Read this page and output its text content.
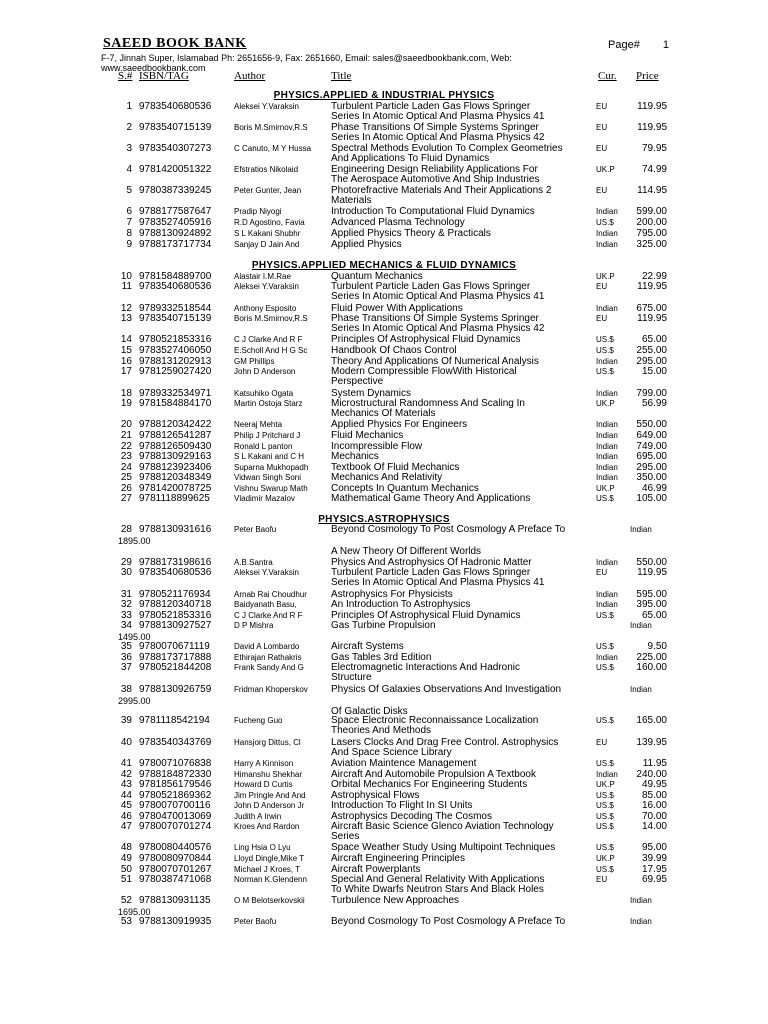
SAEED BOOK BANK	Page# 1
F-7, Jinnah Super, Islamabad Ph: 2651656-9, Fax: 2651660, Email: sales@saeedbookbank.com, Web:
www.saeedbookbank.com
S.# ISBN/TAG	Author	Title	Cur. Price
PHYSICS.APPLIED & INDUSTRIAL PHYSICS
PHYSICS.APPLIED MECHANICS & FLUID DYNAMICS
PHYSICS.ASTROPHYSICS
1 9783540680536	Aleksei Y.Varaksin	Turbulent Particle Laden Gas Flows Springer	EU	119.95
Series In Atomic Optical And Plasma Physics 41
2 9783540715139	Boris M.Smirnov,R.S	Phase Transitions Of Simple Systems Springer	EU	119.95
Series In Atomic Optical And Plasma Physics 42
3 9783540307273	C Canuto, M Y Hussa	Spectral Methods Evolution To Complex Geometries	EU	79.95
And Applications To Fluid Dynamics
4 9781420051322	Efstratios Nikolaid	Engineering Design Reliability Applications For	UK.P	74.99
The Aerospace Automotive And Ship Industries
5 9780387339245	Peter Gunter, Jean	Photorefractive Materials And Their Applications 2	EU	114.95
Materials
6 9788177587647	Pradip Niyogi	Introduction To Computational Fluid Dynamics	Indian	599.00
7 9783527405916	R.D Agostino, Favia	Advanced Plasma Technology	US.$	200.00
8 9788130924892	S L Kakani Shubhr	Applied Physics Theory & Practicals	Indian	795.00
9 9788173717734	Sanjay D Jain And	Applied Physics	Indian	325.00
10 9781584889700	Alastair I.M.Rae	Quantum Mechanics	UK.P	22.99
11 9783540680536	Aleksei Y.Varaksin	Turbulent Particle Laden Gas Flows Springer	EU	119.95
Series In Atomic Optical And Plasma Physics 41
12 9789332518544	Anthony Esposito	Fluid Power With Applications	Indian	675.00
13 9783540715139	Boris M.Smirnov,R.S	Phase Transitions Of Simple Systems Springer	EU	119.95
Series In Atomic Optical And Plasma Physics 42
14 9780521853316	C J Clarke And R F	Principles Of Astrophysical Fluid Dynamics	US.$	65.00
15 9783527406050	E.Scholl And H G Sc	Handbook Of Chaos Control	US.$	255.00
16 9788131202913	GM Phillips	Theory And Applications Of Numerical Analysis	Indian	295.00
17 9781259027420	John D Anderson	Modern Compressible FlowWith Historical	US.$	15.00
Perspective
18 9789332534971	Katsuhiko Ogata	System Dynamics	Indian	799.00
19 9781584884170	Martin Ostoja Starz	Microstructural Randomness And Scaling In	UK.P	56.99
Mechanics Of Materials
20 9788120342422	Neeraj Mehta	Applied Physics For Engineers	Indian	550.00
21 9788126541287	Philip J Pritchard J	Fluid Mechanics	Indian	649.00
22 9788126509430	Ronald L panton	Incompressible Flow	Indian	749.00
23 9788130929163	S L Kakani and C H	Mechanics	Indian	695.00
24 9788123923406	Suparna Mukhopadh	Textbook Of Fluid Mechanics	Indian	295.00
25 9788120348349	Vidwan Singh Soni	Mechanics And Relativity	Indian	350.00
26 9781420078725	Vishnu Swarup Math	Concepts In Quantum Mechanics	UK.P	46.99
27 9781118899625	Vladimir Mazalov	Mathematical Game Theory And Applications	US.$	105.00
28 9788130931616	Peter Baofu	Beyond Cosmology To Post Cosmology A Preface To	Indian
1895.00
A New Theory Of Different Worlds
29 9788173198616	A.B.Santra	Physics And Astrophysics Of Hadronic Matter	Indian	550.00
30 9783540680536	Aleksei Y.Varaksin	Turbulent Particle Laden Gas Flows Springer	EU	119.95
Series In Atomic Optical And Plasma Physics 41
31 9780521176934	Arnab Rai Choudhur	Astrophysics For Physicists	Indian	595.00
32 9788120340718	Baidyanath Basu,	An Introduction To Astrophysics	Indian	395.00
33 9780521853316	C J Clarke And R F	Principles Of Astrophysical Fluid Dynamics	US.$	65.00
34 9788130927527	D P Mishra	Gas Turbine Propulsion	Indian
1495.00
35 9780070671119	David A Lombardo	Aircraft Systems	US.$	9.50
36 9788173717888	Ethirajan Rathakris	Gas Tables 3rd Edition	Indian	225.00
37 9780521844208	Frank Sandy And G	Electromagnetic Interactions And Hadronic	US.$	160.00
Structure
38 9788130926759	Fridman Khoperskov	Physics Of Galaxies Observations And Investigation	Indian
2995.00
Of Galactic Disks
39 9781118542194	Fucheng Guo	Space Electronic Reconnaissance Localization	US.$	165.00
Theories And Methods
40 9783540343769	Hansjorg Dittus, Cl	Lasers Clocks And Drag Free Control. Astrophysics	EU	139.95
And Space Science Library
41 9780071076838	Harry A Kinnison	Aviation Maintence Management	US.$	11.95
42 9788184872330	Himanshu Shekhar	Aircraft And Automobile Propulsion A Textbook	Indian	240.00
43 9781856179546	Howard D Curtis	Orbital Mechanics For Engineering Students	UK.P	49.95
44 9780521869362	Jim Pringle And And	Astrophysical Flows	US.$	85.00
45 9780070700116	John D Anderson Jr	Introduction To Flight In SI Units	US.$	16.00
46 9780470013069	Judith A Irwin	Astrophysics Decoding The Cosmos	US.$	70.00
47 9780070701274	Kroes And Rardon	Aircraft Basic Science Glenco Aviation Technology	US.$	14.00
Series
48 9780080440576	Ling Hsia O Lyu	Space Weather Study Using Multipoint Techniques	US.$	95.00
49 9780080970844	Lloyd Dingle,Mike T	Aircraft Engineering Principles	UK.P	39.99
50 9780070701267	Michael J Kroes, T	Aircraft Powerplants	US.$	17.95
51 9780387471068	Norman K.Glendenn	Special And General Relativity With Applications	EU	69.95
To White Dwarfs Neutron Stars And Black Holes
52 9788130931135	O M Belotserkovskii	Turbulence New Approaches	Indian
1695.00
53 9788130919935	Peter Baofu	Beyond Cosmology To Post Cosmology A Preface To	Indian
